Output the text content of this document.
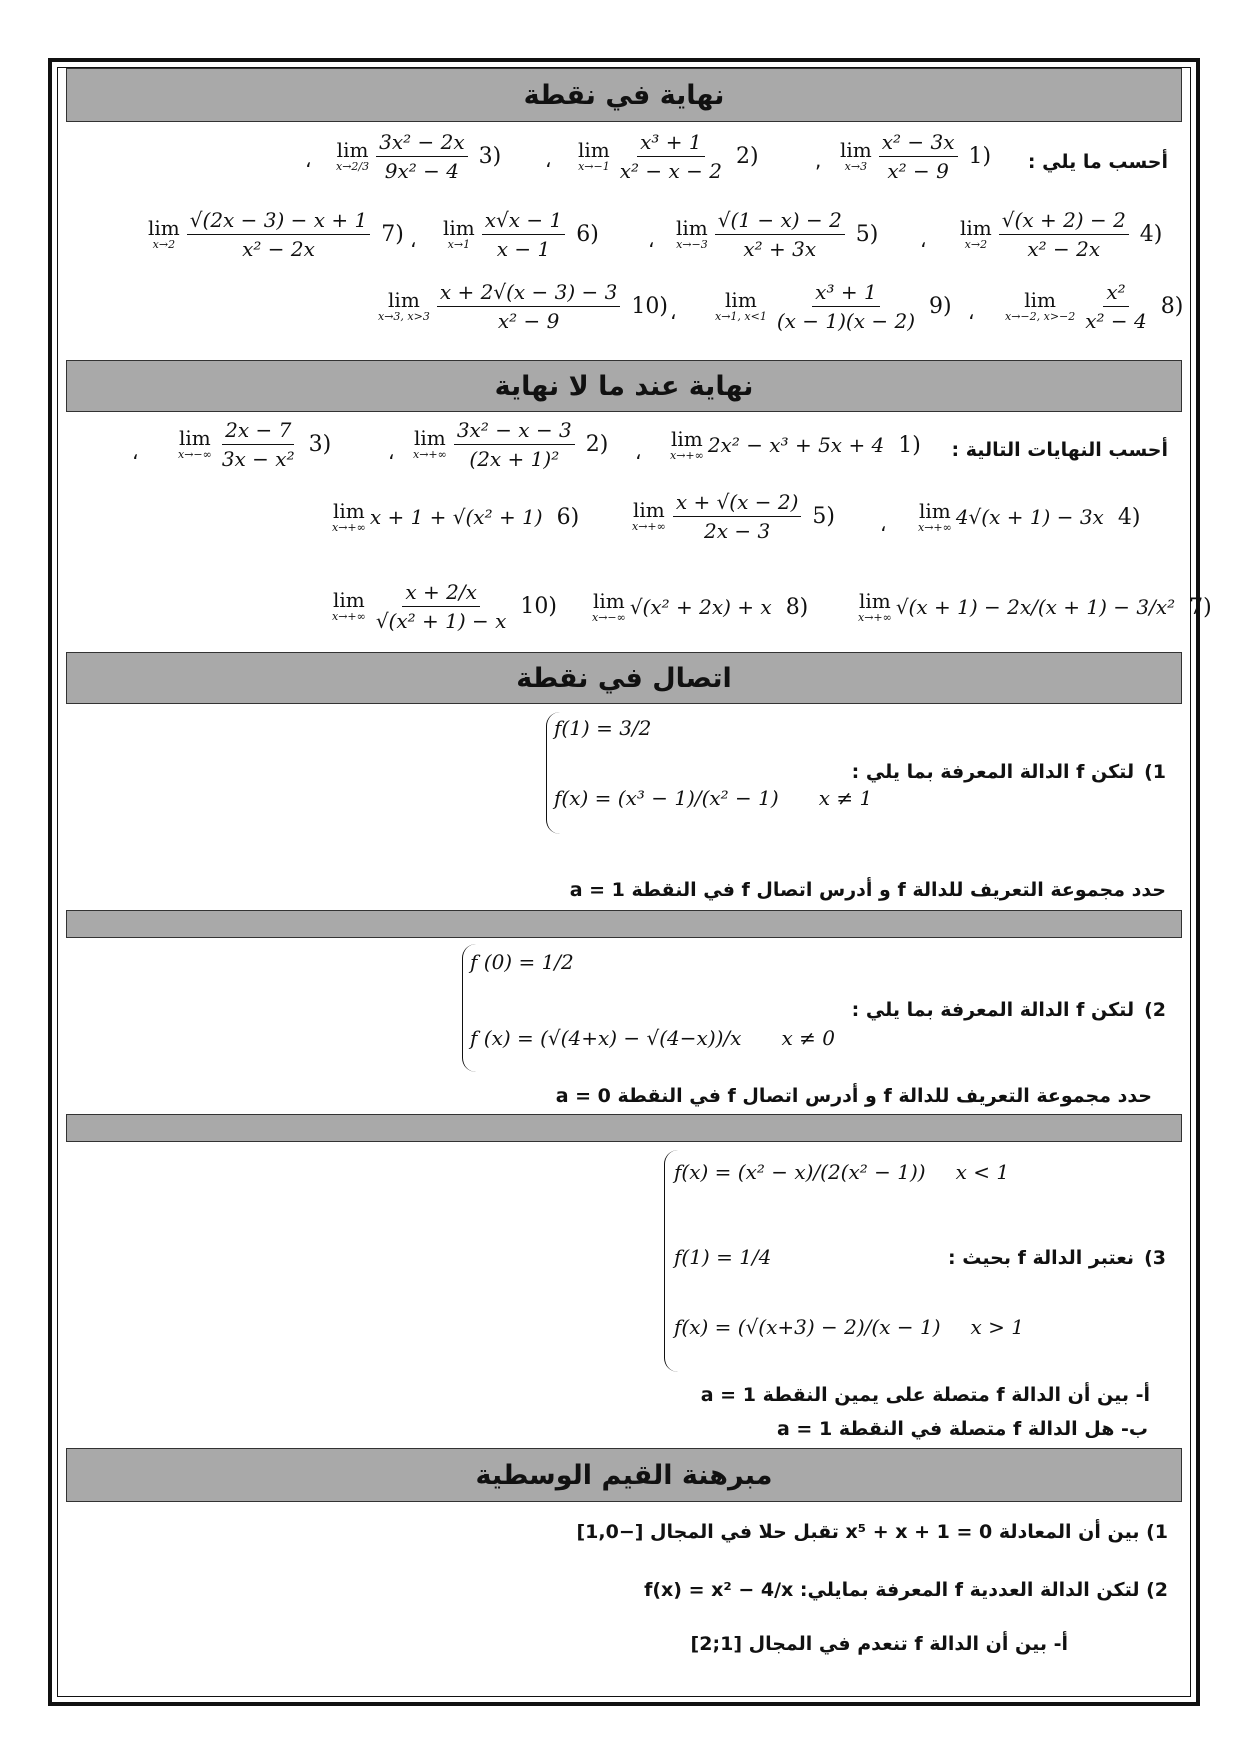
نهاية في نقطة
أحسب ما يلي :
lim
$x\to 3 \frac{\text{x² − 3x}}{\text{x² − 9}} 1$)
,
lim
$x\to-1 \frac{\text{x³ + 1}}{\text{x² − x − 2}} 2$)
،
lim
$x\to 2/3 \frac{\text{3x² − 2x}}{\text{9x² − 4}} 3$)
،
lim
$x\to 2 \frac{√(x + 2) - 2}{\text{x² − 2x}} 4$)
،
lim
$x\to-3 \frac{√(1 - x) - 2}{\text{x² + 3x}} 5$)
،
lim
$x\to 1 \frac{x√x - 1}{x - 1} 6$)
،
lim
$x\to 2 \frac{√(2x - 3) - x + 1}{\text{x² − 2x}} 7$)
lim
x→−2, $x>-2 \frac{\text{x²}}{\text{x² − 4}} 8$)
،
lim
x→1, $x<1 \frac{\text{x³ + 1}}{(x - 1)(x - 2)} 9$)
،
lim
x→3, $x>3 \frac{x + 2√(x - 3) - 3}{\text{x² − 9}} 10$)
نهاية عند ما لا نهاية
أحسب النهايات التالية :
lim
x→+∞ 2x² − x³ + 5x + 4 1)
،
lim
$x\to+\infty \frac{\text{3x² − x − 3}}{\text{(2x + 1)²}} 2$)
،
lim
$x\to-\infty \frac{2x - 7}{\text{3x − x²}} 3$)
،
lim
x→+∞ 4√(x + 1) − 3x 4)
،
lim
$x\to+\infty \frac{x + √(x - 2)}{2x - 3} 5$)
lim
x→+∞ x + 1 + √(x² + 1) 6)
lim
x→+∞ √(x + 1) − 2x/(x + 1) − 3/x² 7)
lim
x→−∞ √(x² + 2x) + x 8)
lim
$x\to+\infty \frac{x + 2/x}{\text{√(x² + 1) − x}} 10$)
اتصال في نقطة
f(1) = 3/2
f(x) = (x³ − 1)/(x² − 1) x ≠ 1
1)
لتكن f الدالة المعرفة بما يلي :
حدد مجموعة التعريف للدالة f و أدرس اتصال f في النقطة a = 1
f (0) = 1/2
f (x) = (√(4+x) − √(4−x))/x x ≠ 0
2)
لتكن f الدالة المعرفة بما يلي :
حدد مجموعة التعريف للدالة f و أدرس اتصال f في النقطة a = 0
f(x) = (x² − x)/(2(x² − 1)) x < 1
f(1) = 1/4
f(x) = (√(x+3) − 2)/(x − 1) x > 1
3)
نعتبر الدالة f بحيث :
أ- بين أن الدالة f متصلة على يمين النقطة a = 1
ب- هل الدالة f متصلة في النقطة a = 1
مبرهنة القيم الوسطية
1) بين أن المعادلة x⁵ + x + 1 = 0 تقبل حلا في المجال [−1,0]
2) لتكن الدالة العددية f المعرفة بمايلي: f(x) = x² − 4/x
أ- بين أن الدالة f تنعدم في المجال [1;2]
